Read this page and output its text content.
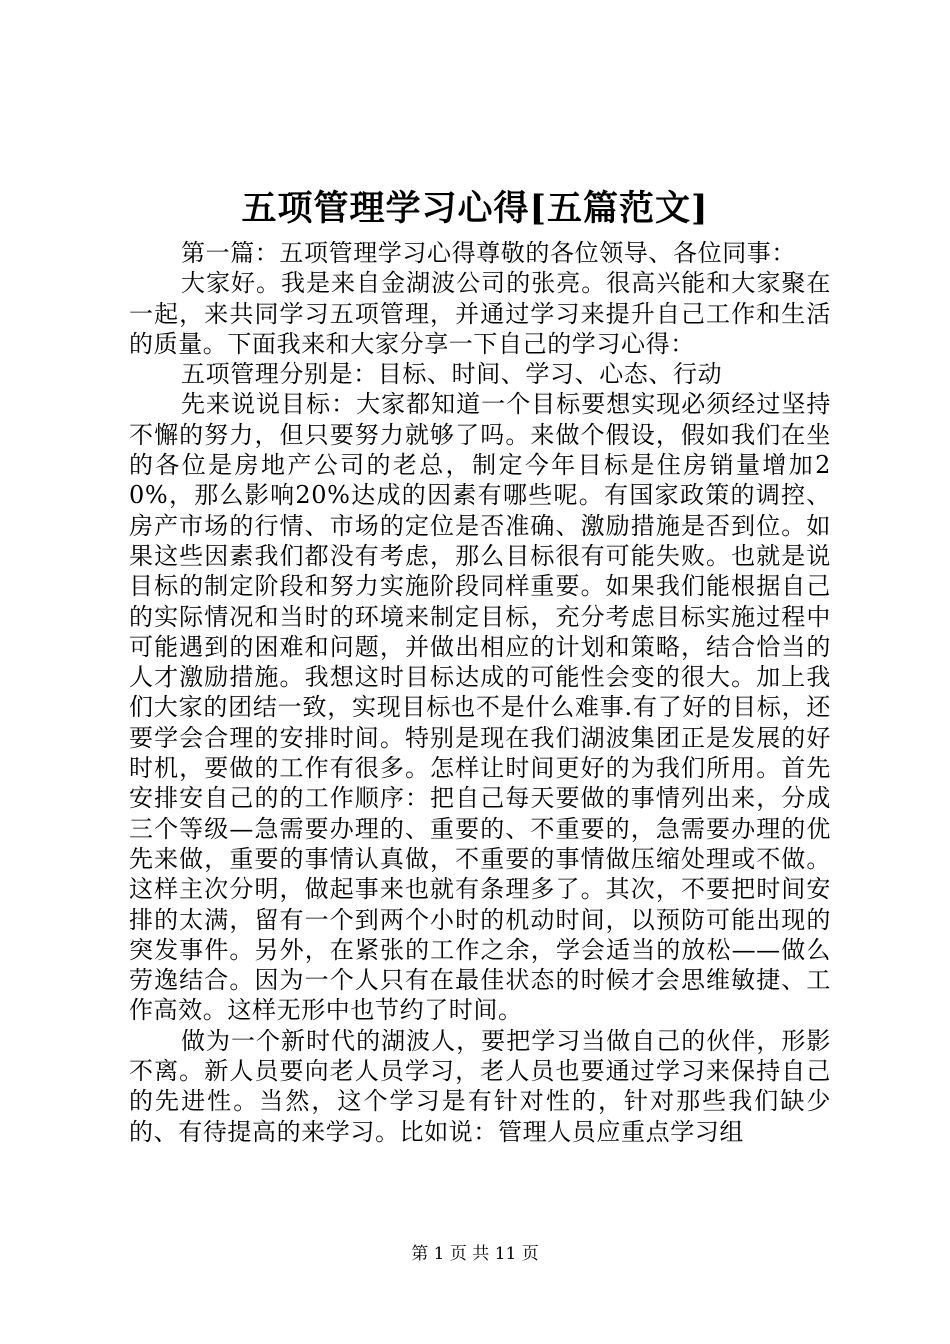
五项管理学习心得[五篇范文]

第一篇：五项管理学习心得尊敬的各位领导、各位同事：

大家好。我是来自金湖波公司的张亮。很高兴能和大家聚在一起，来共同学习五项管理，并通过学习来提升自己工作和生活的质量。下面我来和大家分享一下自己的学习心得：

五项管理分别是：目标、时间、学习、心态、行动

先来说说目标：大家都知道一个目标要想实现必须经过坚持不懈的努力，但只要努力就够了吗。来做个假设，假如我们在坐的各位是房地产公司的老总，制定今年目标是住房销量增加20%，那么影响20%达成的因素有哪些呢。有国家政策的调控、房产市场的行情、市场的定位是否准确、激励措施是否到位。如果这些因素我们都没有考虑，那么目标很有可能失败。也就是说目标的制定阶段和努力实施阶段同样重要。如果我们能根据自己的实际情况和当时的环境来制定目标，充分考虑目标实施过程中可能遇到的困难和问题，并做出相应的计划和策略，结合恰当的人才激励措施。我想这时目标达成的可能性会变的很大。加上我们大家的团结一致，实现目标也不是什么难事.有了好的目标，还要学会合理的安排时间。特别是现在我们湖波集团正是发展的好时机，要做的工作有很多。怎样让时间更好的为我们所用。首先安排安自己的的工作顺序：把自己每天要做的事情列出来，分成三个等级—急需要办理的、重要的、不重要的，急需要办理的优先来做，重要的事情认真做，不重要的事情做压缩处理或不做。这样主次分明，做起事来也就有条理多了。其次，不要把时间安排的太满，留有一个到两个小时的机动时间，以预防可能出现的突发事件。另外，在紧张的工作之余，学会适当的放松——做么劳逸结合。因为一个人只有在最佳状态的时候才会思维敏捷、工作高效。这样无形中也节约了时间。

做为一个新时代的湖波人，要把学习当做自己的伙伴，形影不离。新人员要向老人员学习，老人员也要通过学习来保持自己的先进性。当然，这个学习是有针对性的，针对那些我们缺少的、有待提高的来学习。比如说：管理人员应重点学习组

第 1 页 共 11 页
